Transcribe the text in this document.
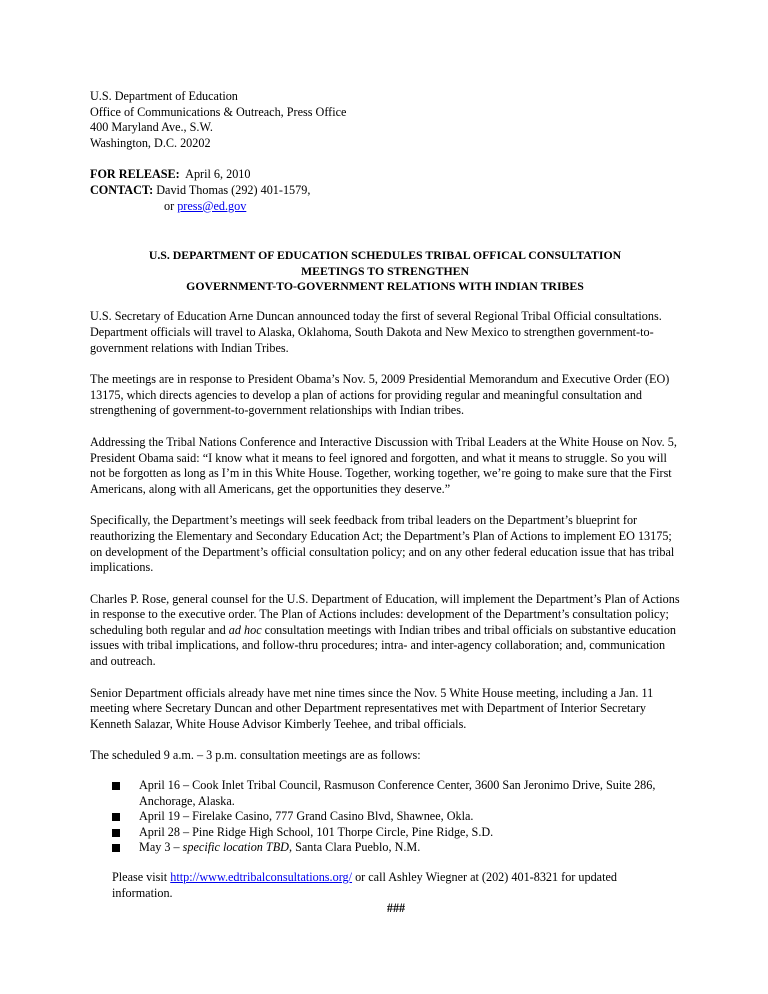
U.S. Department of Education
Office of Communications & Outreach, Press Office
400 Maryland Ave., S.W.
Washington, D.C. 20202
FOR RELEASE: April 6, 2010
CONTACT: David Thomas (292) 401-1579,
or press@ed.gov
U.S. DEPARTMENT OF EDUCATION SCHEDULES TRIBAL OFFICAL CONSULTATION
MEETINGS TO STRENGTHEN
GOVERNMENT-TO-GOVERNMENT RELATIONS WITH INDIAN TRIBES

U.S. Secretary of Education Arne Duncan announced today the first of several Regional Tribal Official consultations. Department officials will travel to Alaska, Oklahoma, South Dakota and New Mexico to strengthen government-to-government relations with Indian Tribes.

The meetings are in response to President Obama’s Nov. 5, 2009 Presidential Memorandum and Executive Order (EO) 13175, which directs agencies to develop a plan of actions for providing regular and meaningful consultation and strengthening of government-to-government relationships with Indian tribes.

Addressing the Tribal Nations Conference and Interactive Discussion with Tribal Leaders at the White House on Nov. 5, President Obama said: “I know what it means to feel ignored and forgotten, and what it means to struggle. So you will not be forgotten as long as I’m in this White House. Together, working together, we’re going to make sure that the First Americans, along with all Americans, get the opportunities they deserve.”

Specifically, the Department’s meetings will seek feedback from tribal leaders on the Department’s blueprint for reauthorizing the Elementary and Secondary Education Act; the Department’s Plan of Actions to implement EO 13175; on development of the Department’s official consultation policy; and on any other federal education issue that has tribal implications.

Charles P. Rose, general counsel for the U.S. Department of Education, will implement the Department’s Plan of Actions in response to the executive order. The Plan of Actions includes: development of the Department’s consultation policy; scheduling both regular and ad hoc consultation meetings with Indian tribes and tribal officials on substantive education issues with tribal implications, and follow-thru procedures; intra- and inter-agency collaboration; and, communication and outreach.

Senior Department officials already have met nine times since the Nov. 5 White House meeting, including a Jan. 11 meeting where Secretary Duncan and other Department representatives met with Department of Interior Secretary Kenneth Salazar, White House Advisor Kimberly Teehee, and tribal officials.

The scheduled 9 a.m. – 3 p.m. consultation meetings are as follows:

April 16 – Cook Inlet Tribal Council, Rasmuson Conference Center, 3600 San Jeronimo Drive, Suite 286, Anchorage, Alaska.
April 19 – Firelake Casino, 777 Grand Casino Blvd, Shawnee, Okla.
April 28 – Pine Ridge High School, 101 Thorpe Circle, Pine Ridge, S.D.
May 3 – specific location TBD, Santa Clara Pueblo, N.M.

Please visit http://www.edtribalconsultations.org/ or call Ashley Wiegner at (202) 401-8321 for updated information.

###
